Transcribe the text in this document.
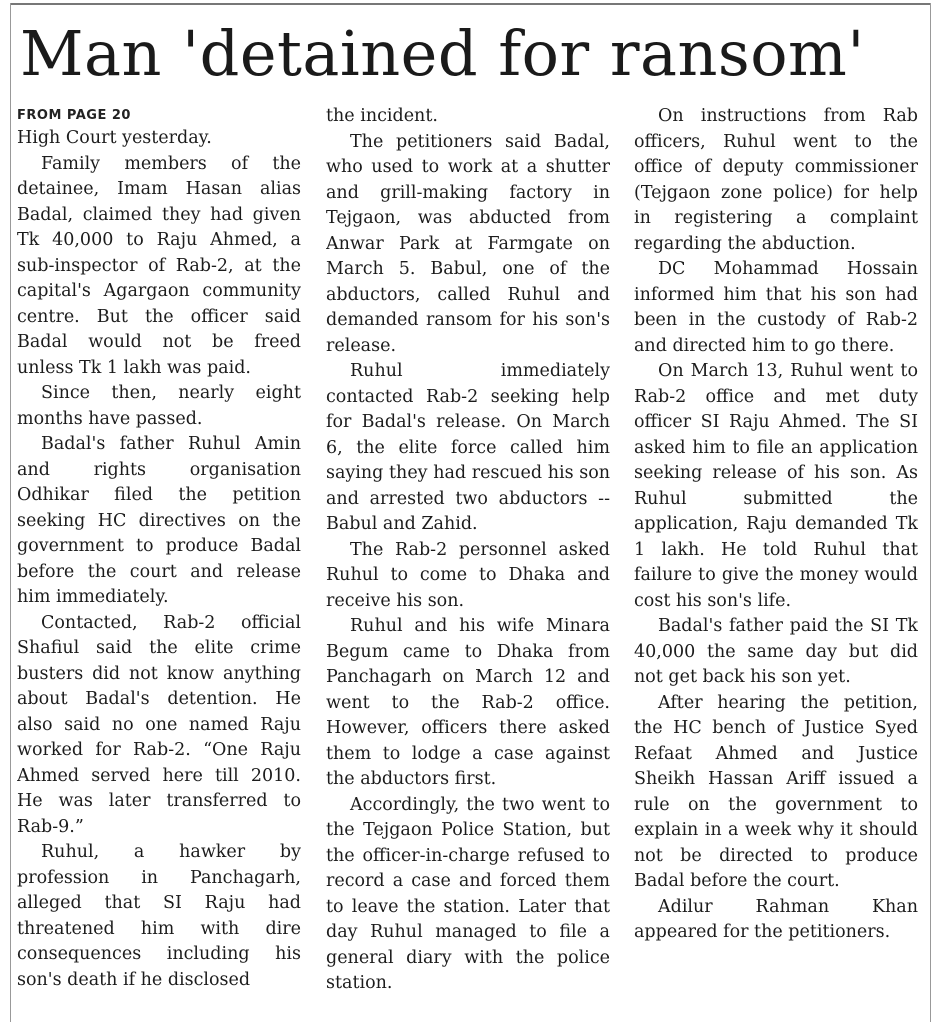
Man 'detained for ransom'
FROM PAGE 20

High Court yesterday.

Family members of the detainee, Imam Hasan alias Badal, claimed they had given Tk 40,000 to Raju Ahmed, a sub-inspector of Rab-2, at the capital's Agargaon community centre. But the officer said Badal would not be freed unless Tk 1 lakh was paid.

Since then, nearly eight months have passed.

Badal's father Ruhul Amin and rights organisation Odhikar filed the petition seeking HC directives on the government to produce Badal before the court and release him immediately.

Contacted, Rab-2 official Shafiul said the elite crime busters did not know anything about Badal's detention. He also said no one named Raju worked for Rab-2. “One Raju Ahmed served here till 2010. He was later transferred to Rab-9.”

Ruhul, a hawker by profession in Panchagarh, alleged that SI Raju had threatened him with dire consequences including his son's death if he disclosed

the incident.

The petitioners said Badal, who used to work at a shutter and grill-making factory in Tejgaon, was abducted from Anwar Park at Farmgate on March 5. Babul, one of the abductors, called Ruhul and demanded ransom for his son's release.

Ruhul immediately contacted Rab-2 seeking help for Badal's release. On March 6, the elite force called him saying they had rescued his son and arrested two abductors -- Babul and Zahid.

The Rab-2 personnel asked Ruhul to come to Dhaka and receive his son.

Ruhul and his wife Minara Begum came to Dhaka from Panchagarh on March 12 and went to the Rab-2 office. However, officers there asked them to lodge a case against the abductors first.

Accordingly, the two went to the Tejgaon Police Station, but the officer-in-charge refused to record a case and forced them to leave the station. Later that day Ruhul managed to file a general diary with the police station.

On instructions from Rab officers, Ruhul went to the office of deputy commissioner (Tejgaon zone police) for help in registering a complaint regarding the abduction.

DC Mohammad Hossain informed him that his son had been in the custody of Rab-2 and directed him to go there.

On March 13, Ruhul went to Rab-2 office and met duty officer SI Raju Ahmed. The SI asked him to file an application seeking release of his son. As Ruhul submitted the application, Raju demanded Tk 1 lakh. He told Ruhul that failure to give the money would cost his son's life.

Badal's father paid the SI Tk 40,000 the same day but did not get back his son yet.

After hearing the petition, the HC bench of Justice Syed Refaat Ahmed and Justice Sheikh Hassan Ariff issued a rule on the government to explain in a week why it should not be directed to produce Badal before the court.

Adilur Rahman Khan appeared for the petitioners.
